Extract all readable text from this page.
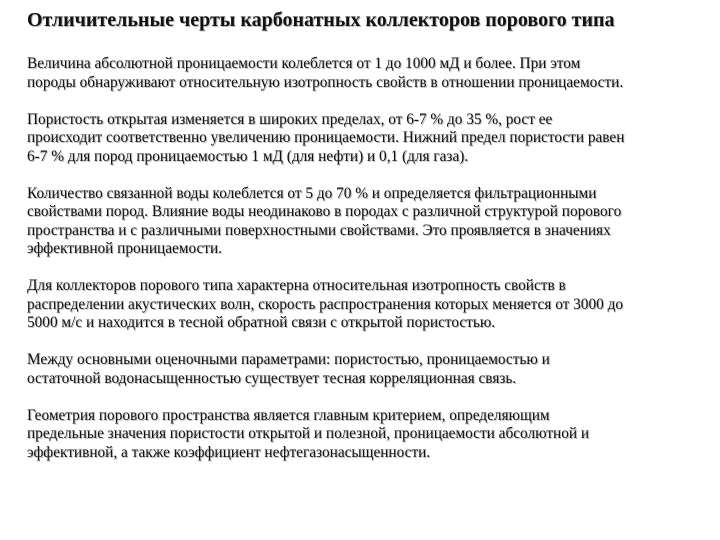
Отличительные черты карбонатных коллекторов порового типа

Величина абсолютной проницаемости колеблется от 1 до 1000 мД и более. При этом
породы обнаруживают относительную изотропность свойств в отношении проницаемости.

Пористость открытая изменяется в широких пределах, от 6-7 % до 35 %, рост ее
происходит соответственно увеличению проницаемости. Нижний предел пористости равен
6-7 % для пород проницаемостью 1 мД (для нефти) и 0,1 (для газа).

Количество связанной воды колеблется от 5 до 70 % и определяется фильтрационными
свойствами пород. Влияние воды неодинаково в породах с различной структурой порового
пространства и с различными поверхностными свойствами. Это проявляется в значениях
эффективной проницаемости.

Для коллекторов порового типа характерна относительная изотропность свойств в
распределении акустических волн, скорость распространения которых меняется от 3000 до
5000 м/с и находится в тесной обратной связи с открытой пористостью.

Между основными оценочными параметрами: пористостью, проницаемостью и
остаточной водонасыщенностью существует тесная корреляционная связь.

Геометрия порового пространства является главным критерием, определяющим
предельные значения пористости открытой и полезной, проницаемости абсолютной и
эффективной, а также коэффициент нефтегазонасыщенности.
